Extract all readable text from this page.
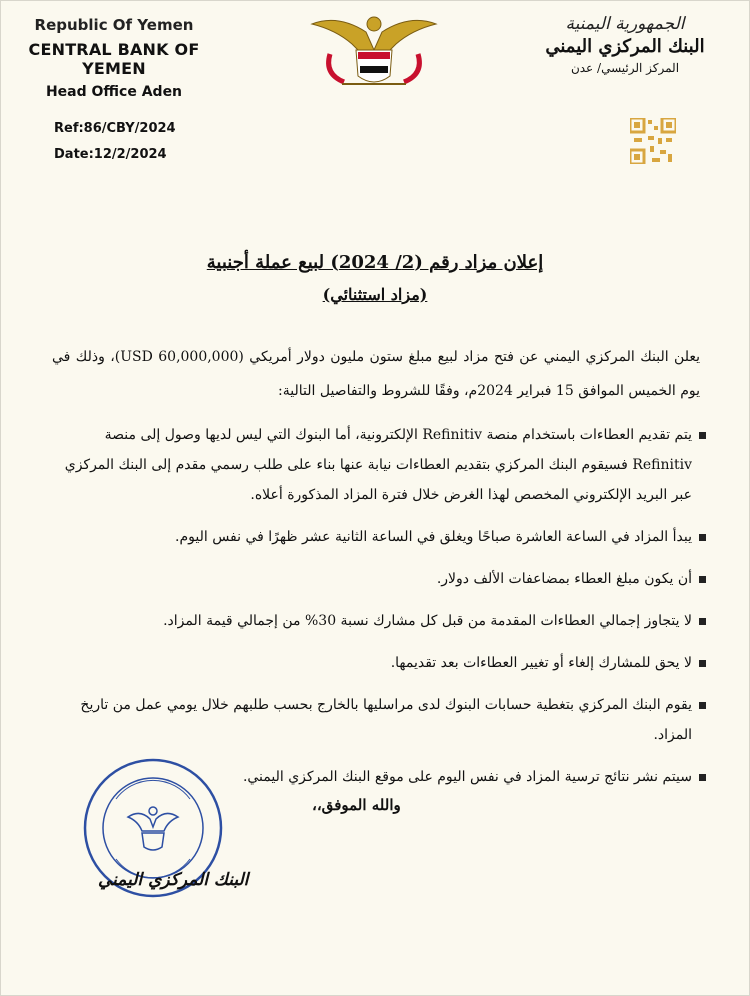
Republic Of Yemen
CENTRAL BANK OF YEMEN
Head Office Aden
Ref:86/CBY/2024
Date:12/2/2024
الجمهورية اليمنية
البنك المركزي اليمني
المركز الرئيسي/ عدن
إعلان مزاد رقم (2/ 2024) لبيع عملة أجنبية
(مزاد استثنائي)
يعلن البنك المركزي اليمني عن فتح مزاد لبيع مبلغ ستون مليون دولار أمريكي (60,000,000 USD)، وذلك في يوم الخميس الموافق 15 فبراير 2024م، وفقًا للشروط والتفاصيل التالية:
يتم تقديم العطاءات باستخدام منصة Refinitiv الإلكترونية، أما البنوك التي ليس لديها وصول إلى منصة Refinitiv فسيقوم البنك المركزي بتقديم العطاءات نيابة عنها بناء على طلب رسمي مقدم إلى البنك المركزي عبر البريد الإلكتروني المخصص لهذا الغرض خلال فترة المزاد المذكورة أعلاه.
يبدأ المزاد في الساعة العاشرة صباحًا ويغلق في الساعة الثانية عشر ظهرًا في نفس اليوم.
أن يكون مبلغ العطاء بمضاعفات الألف دولار.
لا يتجاوز إجمالي العطاءات المقدمة من قبل كل مشارك نسبة 30% من إجمالي قيمة المزاد.
لا يحق للمشارك إلغاء أو تغيير العطاءات بعد تقديمها.
يقوم البنك المركزي بتغطية حسابات البنوك لدى مراسليها بالخارج بحسب طلبهم خلال يومي عمل من تاريخ المزاد.
سيتم نشر نتائج ترسية المزاد في نفس اليوم على موقع البنك المركزي اليمني.
والله الموفق،،
البنك المركزي اليمني
